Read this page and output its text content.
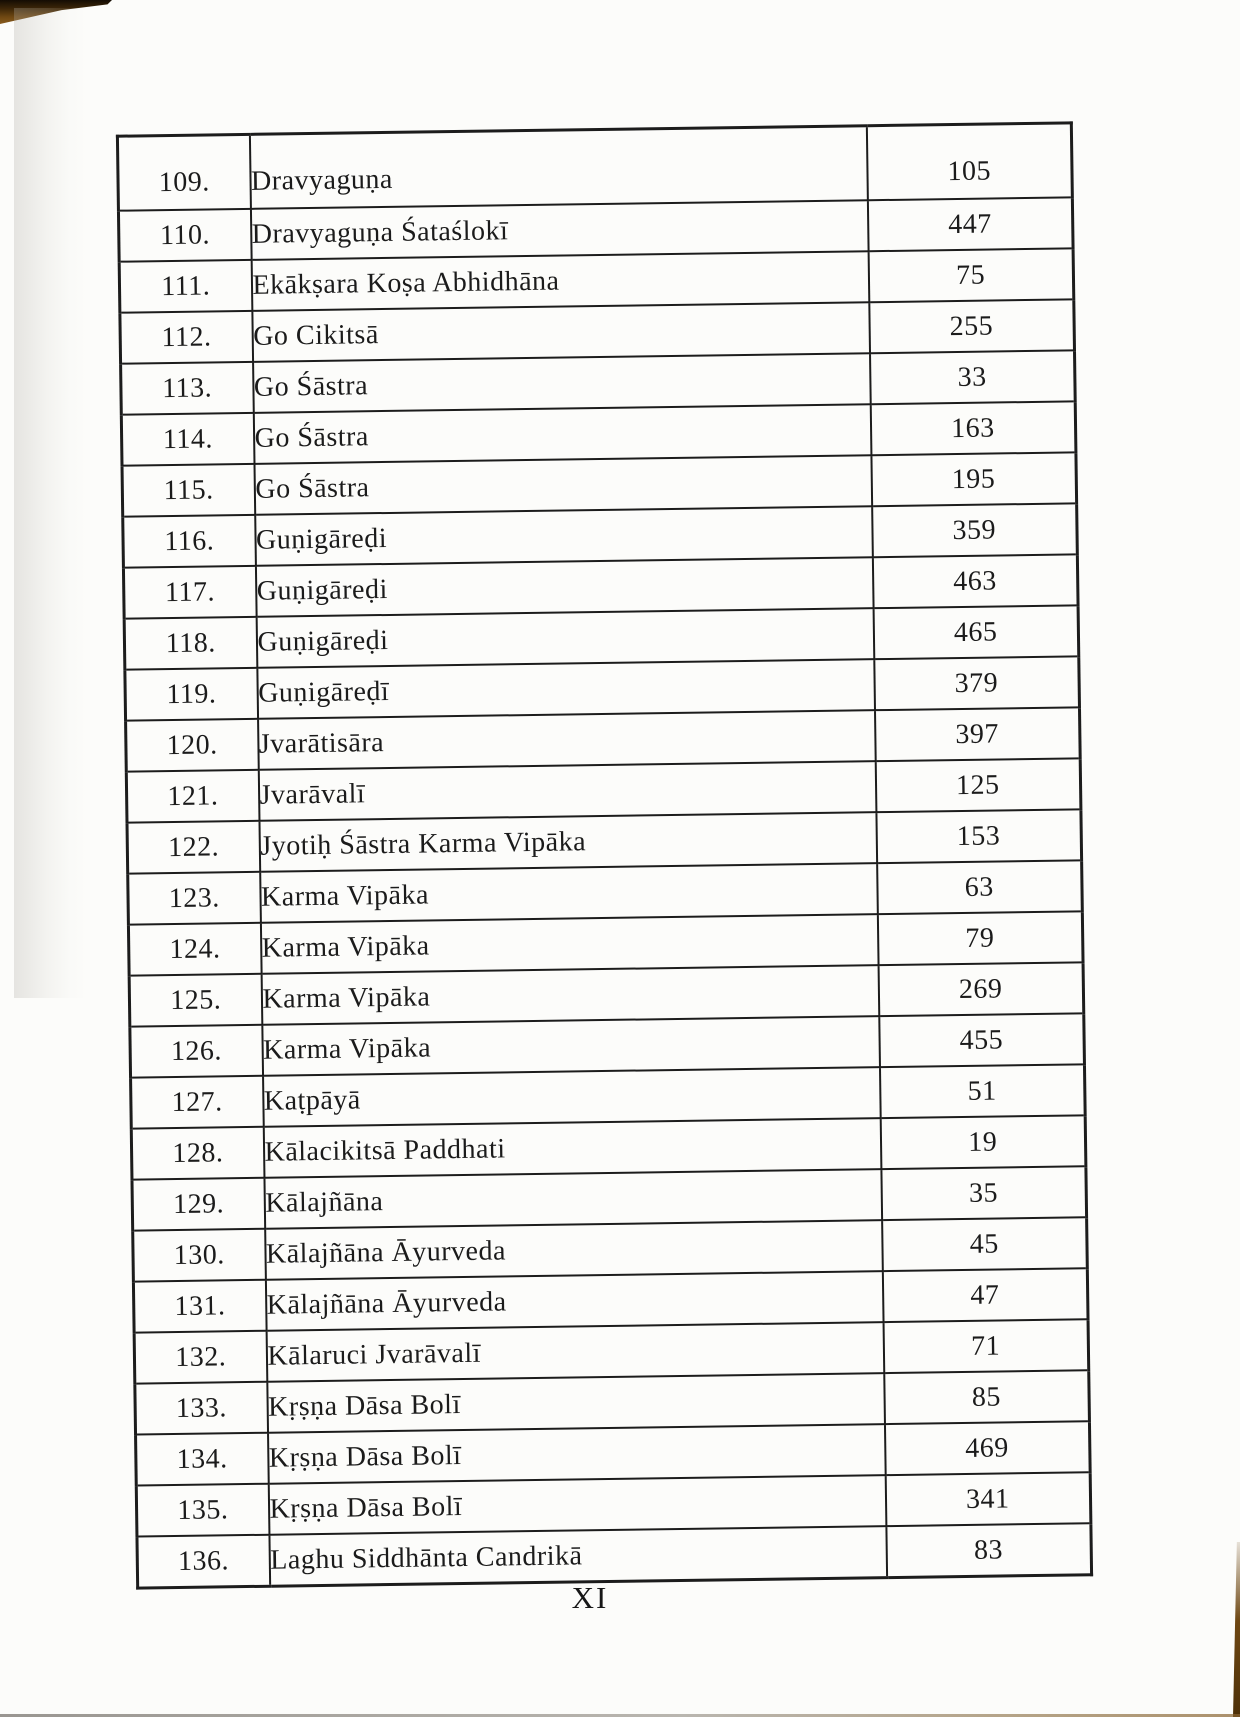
109.	Dravyaguṇa	105
110.	Dravyaguṇa Śataślokī	447
111.	Ekākṣara Koṣa Abhidhāna	75
112.	Go Cikitsā	255
113.	Go Śāstra	33
114.	Go Śāstra	163
115.	Go Śāstra	195
116.	Guṇigāreḍi	359
117.	Guṇigāreḍi	463
118.	Guṇigāreḍi	465
119.	Guṇigāreḍī	379
120.	Jvarātisāra	397
121.	Jvarāvalī	125
122.	Jyotiḥ Śāstra Karma Vipāka	153
123.	Karma Vipāka	63
124.	Karma Vipāka	79
125.	Karma Vipāka	269
126.	Karma Vipāka	455
127.	Kaṭpāyā	51
128.	Kālacikitsā Paddhati	19
129.	Kālajñāna	35
130.	Kālajñāna Āyurveda	45
131.	Kālajñāna Āyurveda	47
132.	Kālaruci Jvarāvalī	71
133.	Kṛṣṇa Dāsa Bolī	85
134.	Kṛṣṇa Dāsa Bolī	469
135.	Kṛṣṇa Dāsa Bolī	341
136.	Laghu Siddhānta Candrikā	83
XI
